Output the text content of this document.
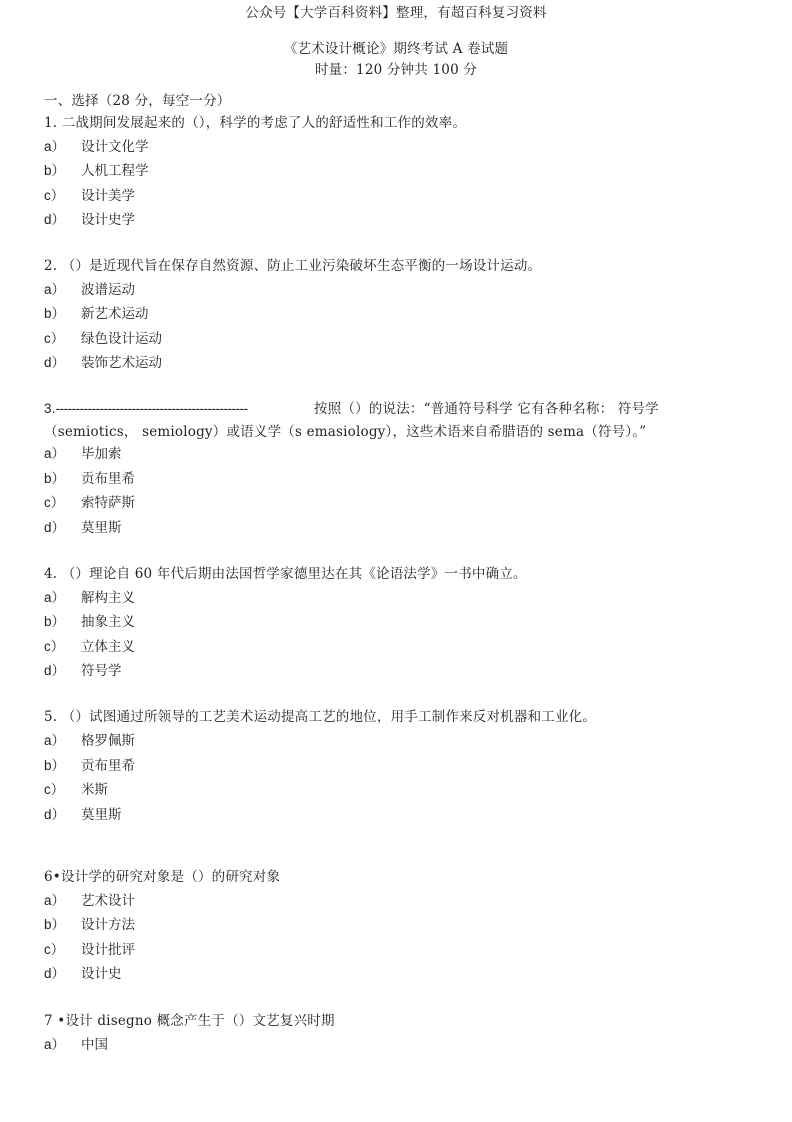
公众号【大学百科资料】整理，有超百科复习资料
《艺术设计概论》期终考试 A 卷试题
时量：120 分钟共 100 分
一、选择（28 分，每空一分）
1. 二战期间发展起来的（），科学的考虑了人的舒适性和工作的效率。
a） 设计文化学
b） 人机工程学
c） 设计美学
d） 设计史学
2. （）是近现代旨在保存自然资源、防止工业污染破坏生态平衡的一场设计运动。
a） 波谱运动
b） 新艺术运动
c） 绿色设计运动
d） 装饰艺术运动
3.------------------------------------------------	按照（）的说法：“普通符号科学 它有各种名称： 符号学
（semiotics， semiology）或语义学（s emasiology），这些术语来自希腊语的 sema（符号）。”
a） 毕加索
b） 贡布里希
c） 索特萨斯
d） 莫里斯
4. （）理论自 60 年代后期由法国哲学家德里达在其《论语法学》一书中确立。
a） 解构主义
b） 抽象主义
c） 立体主义
d） 符号学
5. （）试图通过所领导的工艺美术运动提高工艺的地位，用手工制作来反对机器和工业化。
a） 格罗佩斯
b） 贡布里希
c） 米斯
d） 莫里斯
6•设计学的研究对象是（）的研究对象
a） 艺术设计
b） 设计方法
c） 设计批评
d） 设计史
7 •设计 disegno 概念产生于（）文艺复兴时期
a） 中国
